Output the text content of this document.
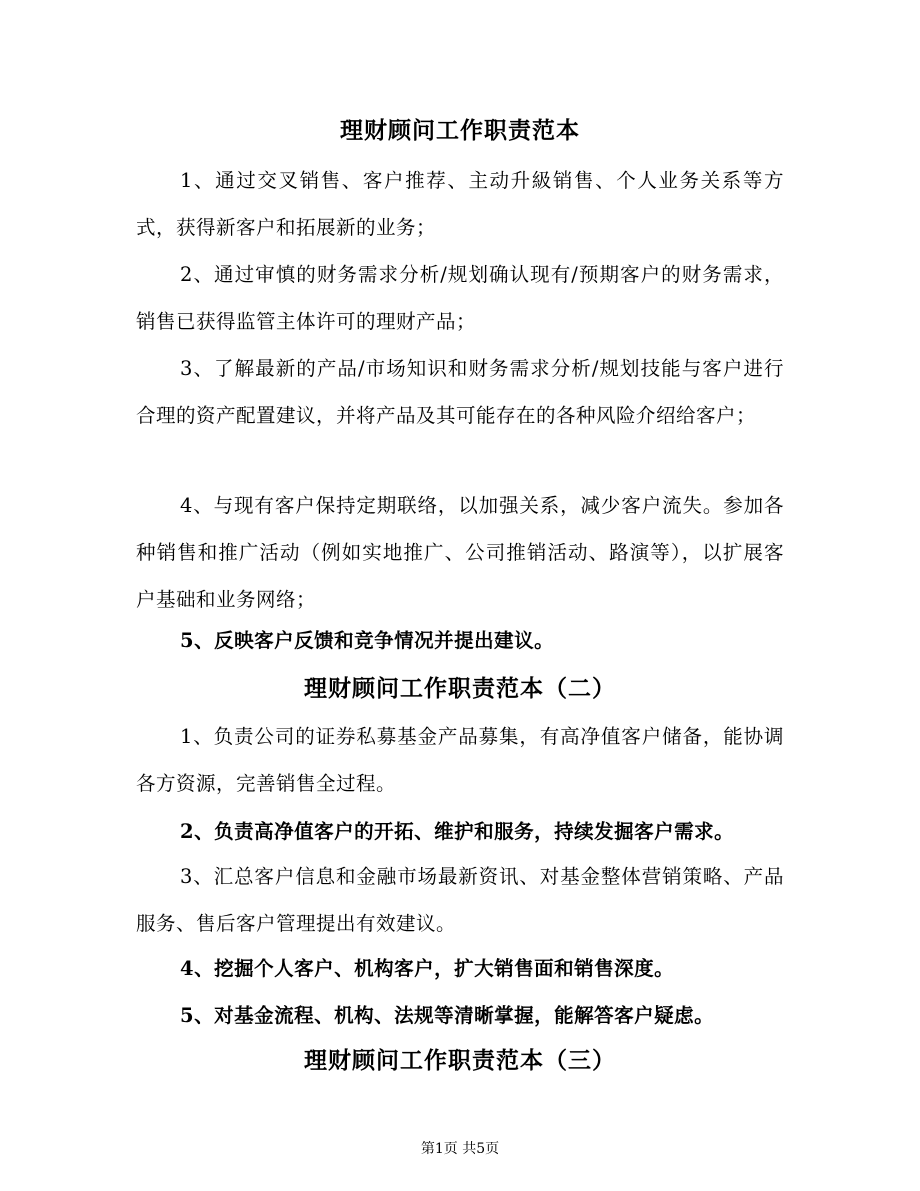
理财顾问工作职责范本

1、通过交叉销售、客户推荐、主动升級销售、个人业务关系等方式，获得新客户和拓展新的业务；

2、通过审慎的财务需求分析/规划确认现有/预期客户的财务需求，销售已获得监管主体许可的理财产品；

3、了解最新的产品/市场知识和财务需求分析/规划技能与客户进行合理的资产配置建议，并将产品及其可能存在的各种风险介绍给客户；

4、与现有客户保持定期联络，以加强关系，减少客户流失。参加各种销售和推广活动（例如实地推广、公司推销活动、路演等），以扩展客户基础和业务网络；

5、反映客户反馈和竞争情况并提出建议。

理财顾问工作职责范本（二）

1、负责公司的证券私募基金产品募集，有高净值客户储备，能协调各方资源，完善销售全过程。

2、负责高净值客户的开拓、维护和服务，持续发掘客户需求。

3、汇总客户信息和金融市场最新资讯、对基金整体营销策略、产品服务、售后客户管理提出有效建议。

4、挖掘个人客户、机构客户，扩大销售面和销售深度。

5、对基金流程、机构、法规等清晰掌握，能解答客户疑虑。

理财顾问工作职责范本（三）
第1页 共5页
